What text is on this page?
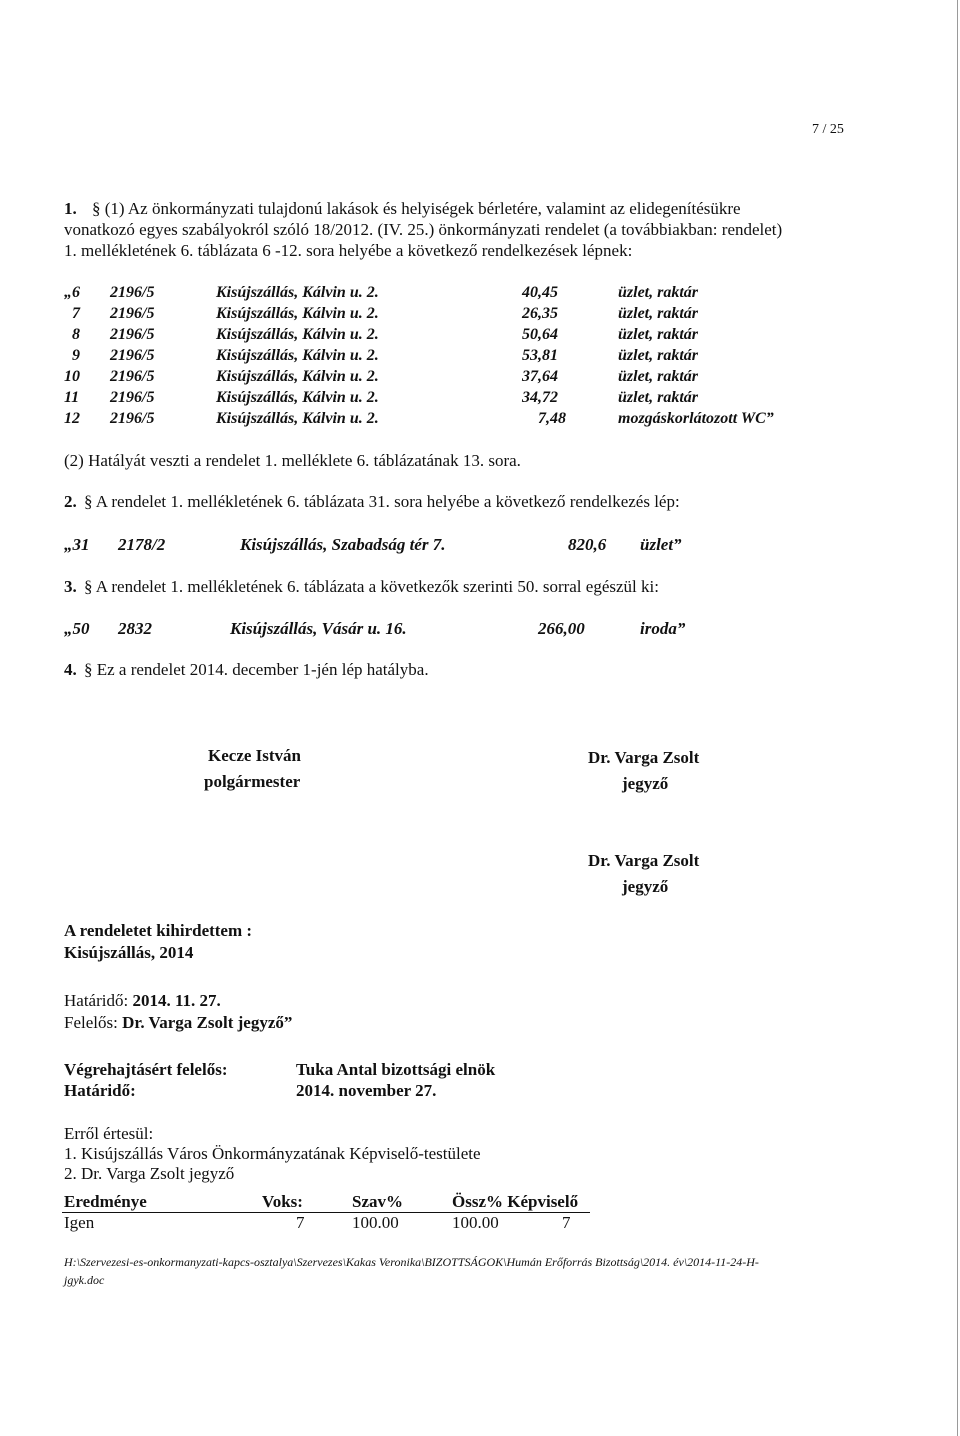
7 / 25
1. § (1) Az önkormányzati tulajdonú lakások és helyiségek bérletére, valamint az elidegenítésükre
vonatkozó egyes szabályokról szóló 18/2012. (IV. 25.) önkormányzati rendelet (a továbbiakban: rendelet)
1. mellékletének 6. táblázata 6 -12. sora helyébe a következő rendelkezések lépnek:
„6 2196/5	Kisújszállás, Kálvin u. 2.	40,45	üzlet, raktár
7 2196/5	Kisújszállás, Kálvin u. 2.	26,35	üzlet, raktár
8 2196/5	Kisújszállás, Kálvin u. 2.	50,64	üzlet, raktár
9 2196/5	Kisújszállás, Kálvin u. 2.	53,81	üzlet, raktár
10 2196/5	Kisújszállás, Kálvin u. 2.	37,64	üzlet, raktár
11 2196/5	Kisújszállás, Kálvin u. 2.	34,72	üzlet, raktár
12 2196/5	Kisújszállás, Kálvin u. 2.	7,48	mozgáskorlátozott WC”
(2) Hatályát veszti a rendelet 1. melléklete 6. táblázatának 13. sora.
2. § A rendelet 1. mellékletének 6. táblázata 31. sora helyébe a következő rendelkezés lép:
„31 2178/2	Kisújszállás, Szabadság tér 7.	820,6 üzlet”
3. § A rendelet 1. mellékletének 6. táblázata a következők szerinti 50. sorral egészül ki:
„50 2832	Kisújszállás, Vásár u. 16.	266,00	iroda”
4. § Ez a rendelet 2014. december 1-jén lép hatályba.
Kecze István
polgármester
Dr. Varga Zsolt
jegyző
Dr. Varga Zsolt
jegyző
A rendeletet kihirdettem :
Kisújszállás, 2014
Határidő: 2014. 11. 27.
Felelős: Dr. Varga Zsolt jegyző”
Végrehajtásért felelős:	Tuka Antal bizottsági elnök
Határidő:	2014. november 27.
Erről értesül:
1. Kisújszállás Város Önkormányzatának Képviselő-testülete
2. Dr. Varga Zsolt jegyző
Eredménye	Voks:	Szav%	Össz% Képviselő
Igen	7	100.00	100.00	7
H:\Szervezesi-es-onkormanyzati-kapcs-osztalya\Szervezes\Kakas Veronika\BIZOTTSÁGOK\Humán Erőforrás Bizottság\2014. év\2014-11-24-H-
jgyk.doc
